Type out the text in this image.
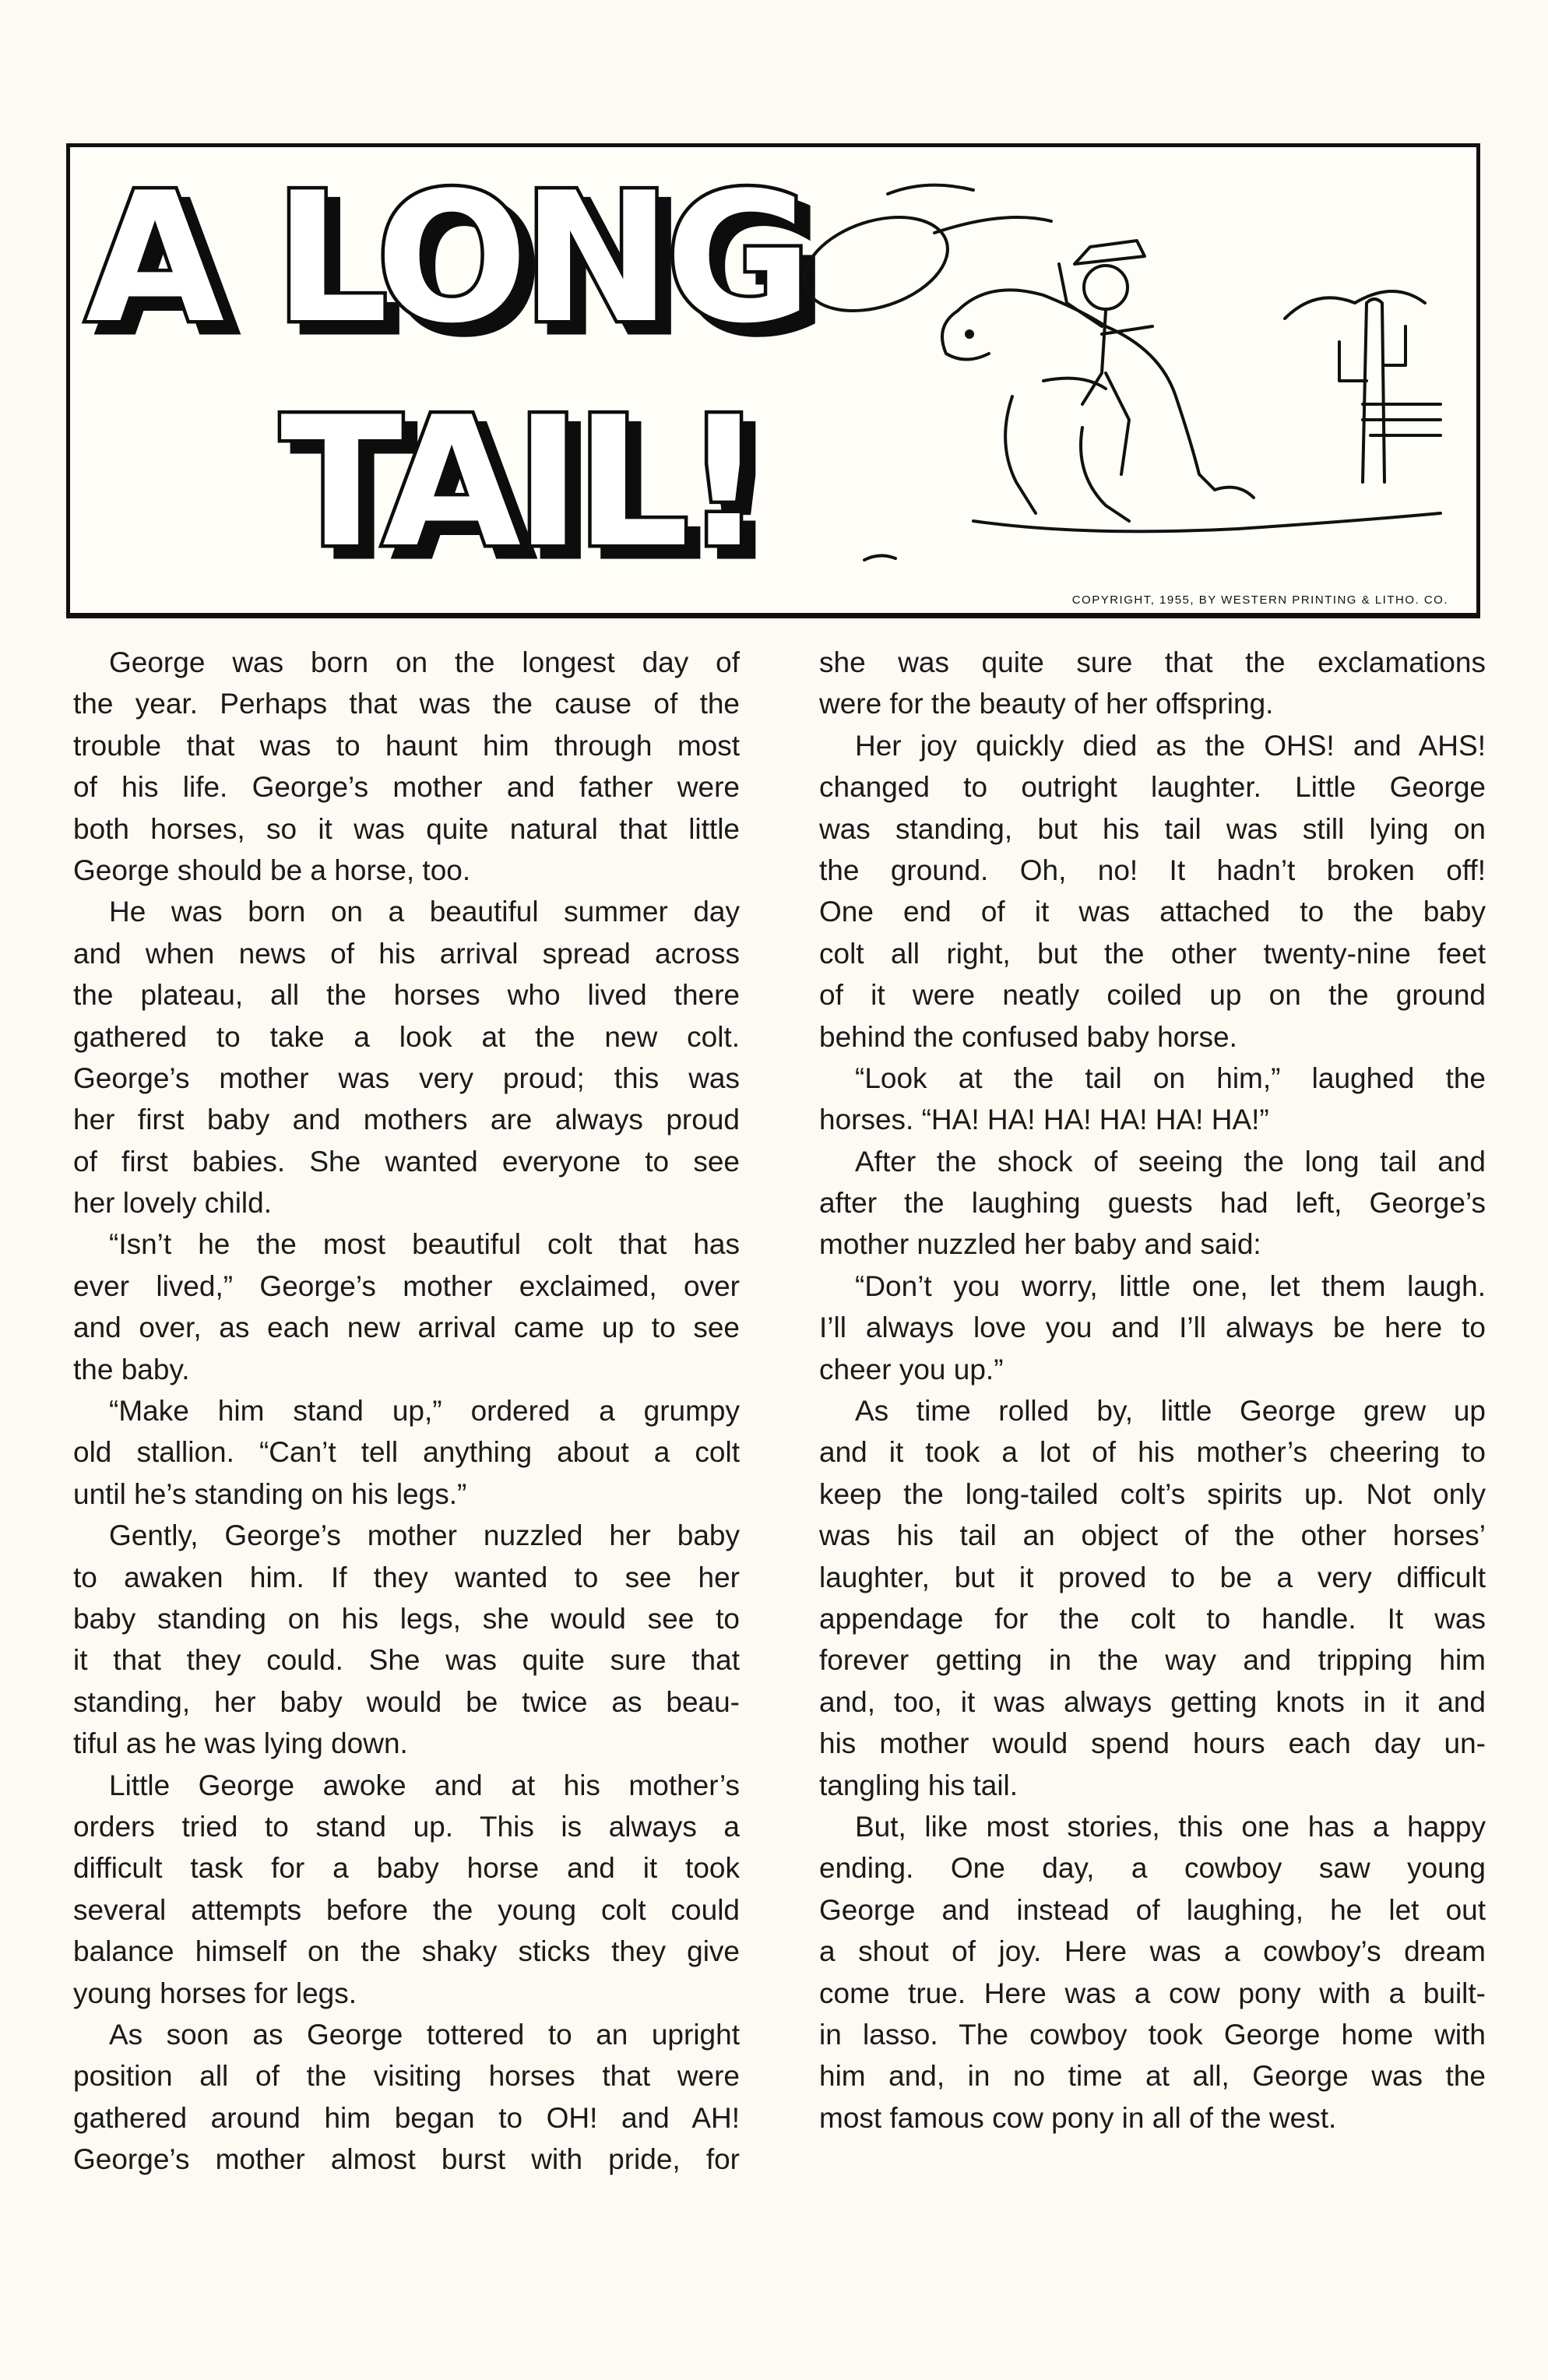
A LONG
TAIL!
COPYRIGHT, 1955, BY WESTERN PRINTING & LITHO. CO.
George was born on the longest day of
the year. Perhaps that was the cause of the
trouble that was to haunt him through most
of his life. George’s mother and father were
both horses, so it was quite natural that little
George should be a horse, too.
He was born on a beautiful summer day
and when news of his arrival spread across
the plateau, all the horses who lived there
gathered to take a look at the new colt.
George’s mother was very proud; this was
her first baby and mothers are always proud
of first babies. She wanted everyone to see
her lovely child.
“Isn’t he the most beautiful colt that has
ever lived,” George’s mother exclaimed, over
and over, as each new arrival came up to see
the baby.
“Make him stand up,” ordered a grumpy
old stallion. “Can’t tell anything about a colt
until he’s standing on his legs.”
Gently, George’s mother nuzzled her baby
to awaken him. If they wanted to see her
baby standing on his legs, she would see to
it that they could. She was quite sure that
standing, her baby would be twice as beau-
tiful as he was lying down.
Little George awoke and at his mother’s
orders tried to stand up. This is always a
difficult task for a baby horse and it took
several attempts before the young colt could
balance himself on the shaky sticks they give
young horses for legs.
As soon as George tottered to an upright
position all of the visiting horses that were
gathered around him began to OH! and AH!
George’s mother almost burst with pride, for
she was quite sure that the exclamations
were for the beauty of her offspring.
Her joy quickly died as the OHS! and AHS!
changed to outright laughter. Little George
was standing, but his tail was still lying on
the ground. Oh, no! It hadn’t broken off!
One end of it was attached to the baby
colt all right, but the other twenty-nine feet
of it were neatly coiled up on the ground
behind the confused baby horse.
“Look at the tail on him,” laughed the
horses. “HA! HA! HA! HA! HA! HA!”
After the shock of seeing the long tail and
after the laughing guests had left, George’s
mother nuzzled her baby and said:
“Don’t you worry, little one, let them laugh.
I’ll always love you and I’ll always be here to
cheer you up.”
As time rolled by, little George grew up
and it took a lot of his mother’s cheering to
keep the long-tailed colt’s spirits up. Not only
was his tail an object of the other horses’
laughter, but it proved to be a very difficult
appendage for the colt to handle. It was
forever getting in the way and tripping him
and, too, it was always getting knots in it and
his mother would spend hours each day un-
tangling his tail.
But, like most stories, this one has a happy
ending. One day, a cowboy saw young
George and instead of laughing, he let out
a shout of joy. Here was a cowboy’s dream
come true. Here was a cow pony with a built-
in lasso. The cowboy took George home with
him and, in no time at all, George was the
most famous cow pony in all of the west.
